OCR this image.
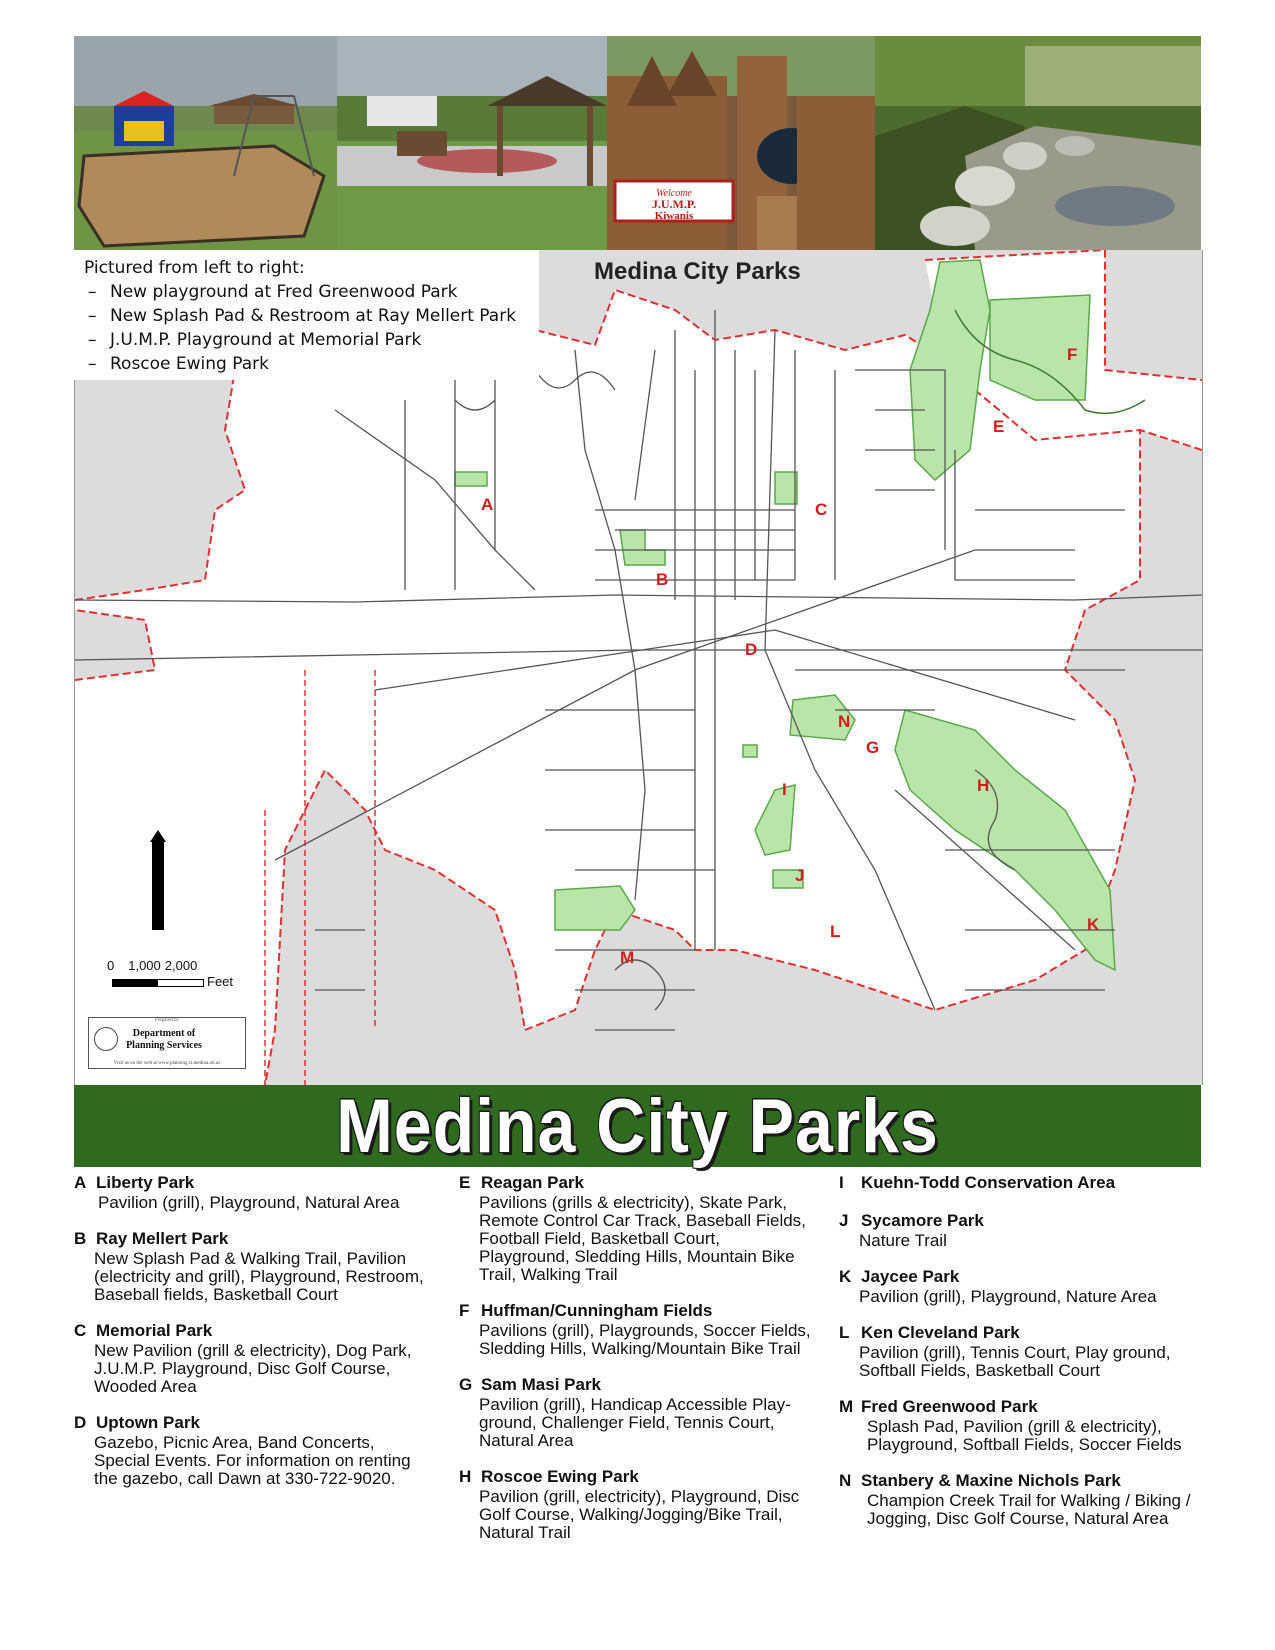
Welcome
J.U.M.P.
Kiwanis
Pictured from left to right:
– New playground at Fred Greenwood Park
– New Splash Pad & Restroom at Ray Mellert Park
– J.U.M.P. Playground at Memorial Park
– Roscoe Ewing Park
Medina City Parks
F
E
A	C
B
D
N
G
H
I
J
K
L
M
0 1,000 2,000
Feet
Prepared by
Department of Planning Services
Visit us on the web at www.planning.ci.medina.oh.us
Medina City Parks
A Liberty Park
Pavilion (grill), Playground, Natural Area
B Ray Mellert Park
New Splash Pad & Walking Trail, Pavilion (electricity and grill), Playground, Restroom, Baseball fields, Basketball Court
C Memorial Park
New Pavilion (grill & electricity), Dog Park, J.U.M.P. Playground, Disc Golf Course, Wooded Area
D Uptown Park
Gazebo, Picnic Area, Band Concerts, Special Events. For information on renting the gazebo, call Dawn at 330-722-9020.
E Reagan Park
Pavilions (grills & electricity), Skate Park, Remote Control Car Track, Baseball Fields, Football Field, Basketball Court, Playground, Sledding Hills, Mountain Bike Trail, Walking Trail
F Huffman/Cunningham Fields
Pavilions (grill), Playgrounds, Soccer Fields, Sledding Hills, Walking/Mountain Bike Trail
G Sam Masi Park
Pavilion (grill), Handicap Accessible Play-ground, Challenger Field, Tennis Court, Natural Area
H Roscoe Ewing Park
Pavilion (grill, electricity), Playground, Disc Golf Course, Walking/Jogging/Bike Trail, Natural Trail
I Kuehn-Todd Conservation Area
J Sycamore Park
Nature Trail
K Jaycee Park
Pavilion (grill), Playground, Nature Area
L Ken Cleveland Park
Pavilion (grill), Tennis Court, Play ground, Softball Fields, Basketball Court
M Fred Greenwood Park
Splash Pad, Pavilion (grill & electricity), Playground, Softball Fields, Soccer Fields
N Stanbery & Maxine Nichols Park
Champion Creek Trail for Walking / Biking / Jogging, Disc Golf Course, Natural Area
